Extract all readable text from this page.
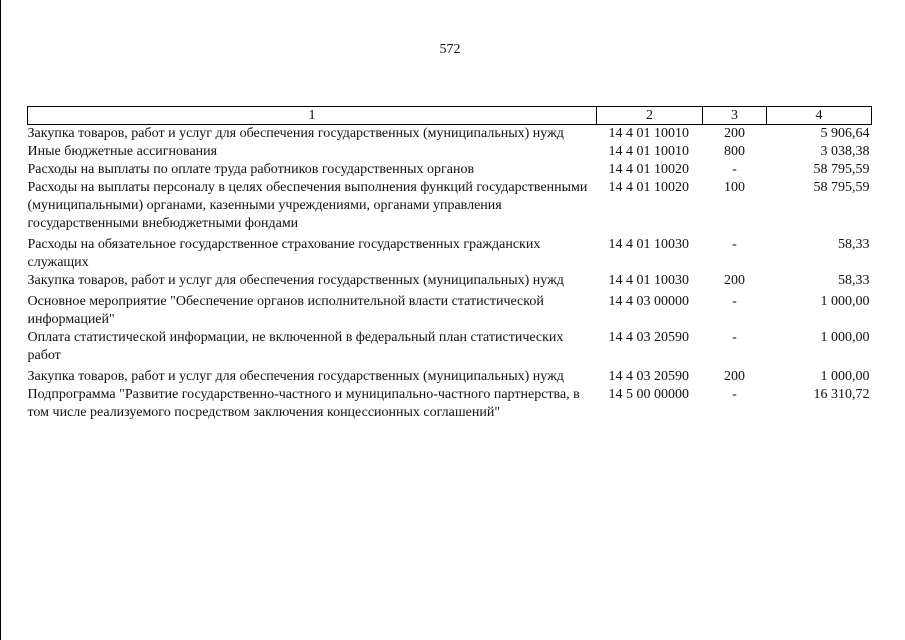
572
1	2	3	4
Закупка товаров, работ и услуг для обеспечения государственных (муниципальных) нужд	14 4 01 10010	200	5 906,64
Иные бюджетные ассигнования	14 4 01 10010	800	3 038,38
Расходы на выплаты по оплате труда работников государственных органов	14 4 01 10020	-	58 795,59
Расходы на выплаты персоналу в целях обеспечения выполнения функций государственными (муниципальными) органами, казенными учреждениями, органами управления государственными внебюджетными фондами	14 4 01 10020	100	58 795,59
Расходы на обязательное государственное страхование государственных гражданских служащих	14 4 01 10030	-	58,33
Закупка товаров, работ и услуг для обеспечения государственных (муниципальных) нужд	14 4 01 10030	200	58,33
Основное мероприятие "Обеспечение органов исполнительной власти статистической информацией"	14 4 03 00000	-	1 000,00
Оплата статистической информации, не включенной в федеральный план статистических работ	14 4 03 20590	-	1 000,00
Закупка товаров, работ и услуг для обеспечения государственных (муниципальных) нужд	14 4 03 20590	200	1 000,00
Подпрограмма "Развитие государственно-частного и муниципально-частного партнерства, в том числе реализуемого посредством заключения концессионных соглашений"	14 5 00 00000	-	16 310,72
